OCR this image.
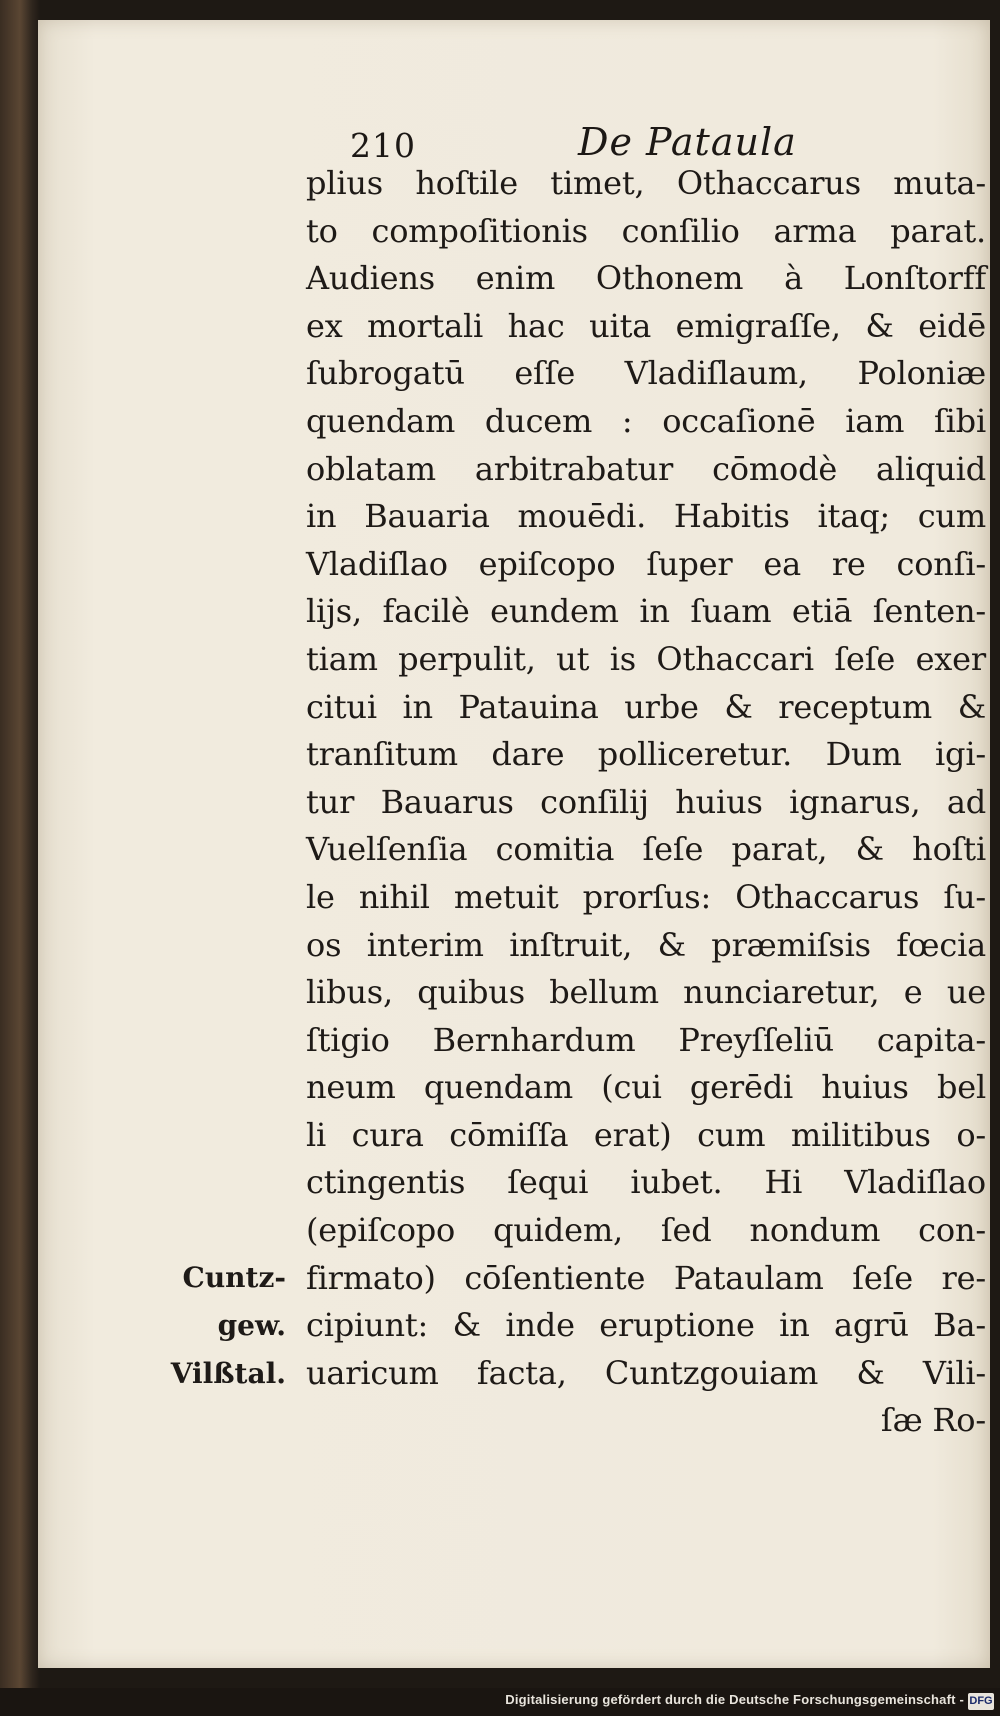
210	De Pataula
plius hoſtile timet, Othaccarus muta-
to compoſitionis conſilio arma parat.
Audiens enim Othonem à Lonſtorff
ex mortali hac uita emigraſſe, & eidē
ſubrogatū eſſe Vladiſlaum, Poloniæ
quendam ducem : occaſionē iam ſibi
oblatam arbitrabatur cōmodè aliquid
in Bauaria mouēdi. Habitis itaq; cum
Vladiſlao epiſcopo ſuper ea re conſi-
lijs, facilè eundem in ſuam etiā ſenten-
tiam perpulit, ut is Othaccari ſeſe exer
citui in Patauina urbe & receptum &
tranſitum dare polliceretur. Dum igi-
tur Bauarus conſilij huius ignarus, ad
Vuelſenſia comitia ſeſe parat, & hoſti
le nihil metuit prorſus: Othaccarus ſu-
os interim inſtruit, & præmiſsis fœcia
libus, quibus bellum nunciaretur, e ue
ſtigio Bernhardum Preyſſeliū capita-
neum quendam (cui gerēdi huius bel
li cura cōmiſſa erat) cum militibus o-
ctingentis ſequi iubet. Hi Vladiſlao
(epiſcopo quidem, ſed nondum con-
firmato) cōſentiente Pataulam ſeſe re-
cipiunt: & inde eruptione in agrū Ba-
uaricum facta, Cuntzgouiam & Vili-
ſæ Ro-
Cuntz-
gew.
Vilßtal.
Digitalisierung gefördert durch die Deutsche Forschungsgemeinschaft - DFG
